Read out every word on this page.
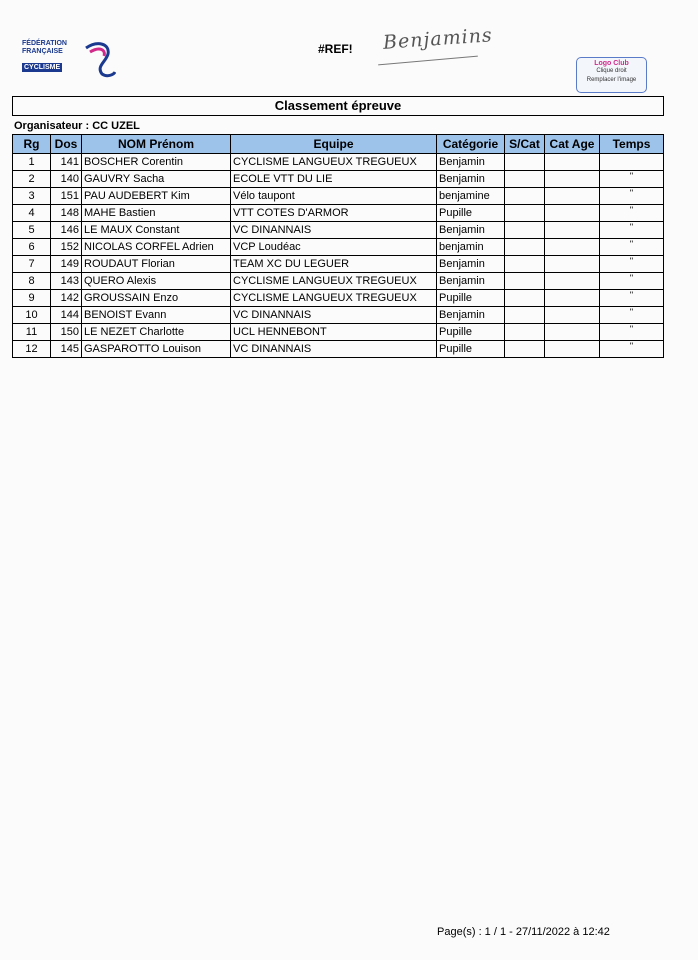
FÉDÉRATION
FRANÇAISE
CYCLISME
#REF! Benjamins
Logo Club
Clique droit
Remplacer l'image
Classement épreuve
Organisateur : CC UZEL
Rg	Dos	NOM Prénom	Equipe	Catégorie	S/Cat	Cat Age	Temps
1	141	BOSCHER Corentin	CYCLISME LANGUEUX TREGUEUX	Benjamin			
2	140	GAUVRY Sacha	ECOLE VTT DU LIE	Benjamin			"
3	151	PAU AUDEBERT Kim	Vélo taupont	benjamine			"
4	148	MAHE Bastien	VTT COTES D'ARMOR	Pupille			"
5	146	LE MAUX Constant	VC DINANNAIS	Benjamin			"
6	152	NICOLAS CORFEL Adrien	VCP Loudéac	benjamin			"
7	149	ROUDAUT Florian	TEAM XC DU LEGUER	Benjamin			"
8	143	QUERO Alexis	CYCLISME LANGUEUX TREGUEUX	Benjamin			"
9	142	GROUSSAIN Enzo	CYCLISME LANGUEUX TREGUEUX	Pupille			"
10	144	BENOIST Evann	VC DINANNAIS	Benjamin			"
11	150	LE NEZET Charlotte	UCL HENNEBONT	Pupille			"
12	145	GASPAROTTO Louison	VC DINANNAIS	Pupille			"
Page(s) : 1 / 1 - 27/11/2022 à 12:42
